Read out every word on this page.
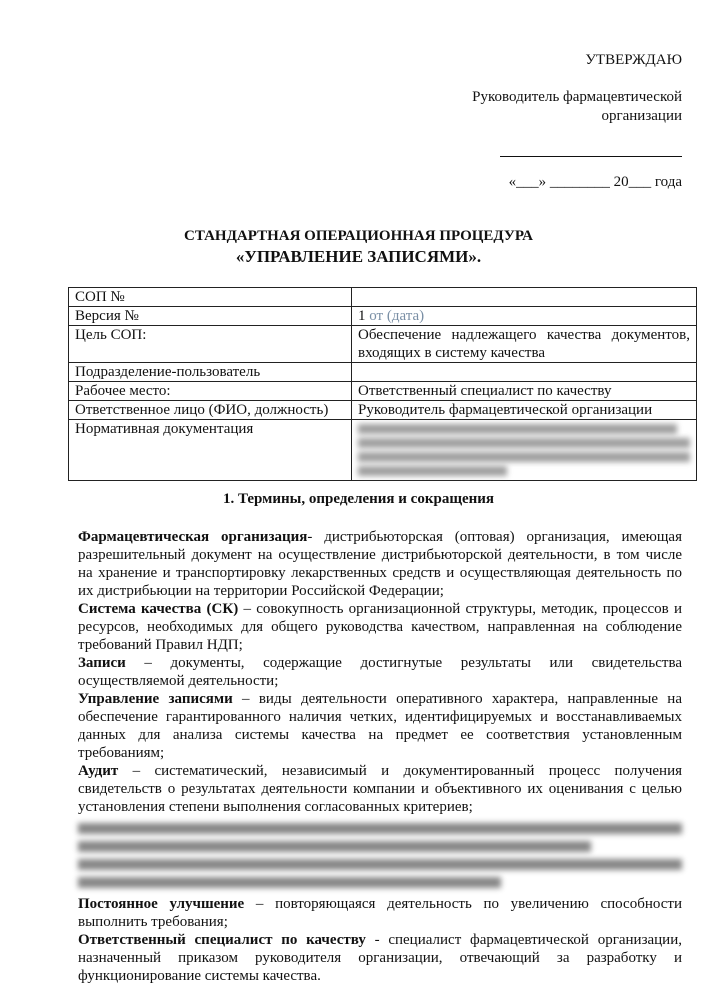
УТВЕРЖДАЮ
Руководитель фармацевтической
организации
«___» ________ 20___ года
СТАНДАРТНАЯ ОПЕРАЦИОННАЯ ПРОЦЕДУРА
«УПРАВЛЕНИЕ ЗАПИСЯМИ».
СОП №	
Версия №	1 от (дата)
Цель СОП:	Обеспечение надлежащего качества документов, входящих в систему качества
Подразделение-пользователь	
Рабочее место:	Ответственный специалист по качеству
Ответственное лицо (ФИО, должность)	Руководитель фармацевтической организации
Нормативная документация	
1. Термины, определения и сокращения

Фармацевтическая организация- дистрибьюторская (оптовая) организация, имеющая разрешительный документ на осуществление дистрибьюторской деятельности, в том числе на хранение и транспортировку лекарственных средств и осуществляющая деятельность по их дистрибьюции на территории Российской Федерации;

Система качества (СК) – совокупность организационной структуры, методик, процессов и ресурсов, необходимых для общего руководства качеством, направленная на соблюдение требований Правил НДП;

Записи – документы, содержащие достигнутые результаты или свидетельства осуществляемой деятельности;

Управление записями – виды деятельности оперативного характера, направленные на обеспечение гарантированного наличия четких, идентифицируемых и восстанавливаемых данных для анализа системы качества на предмет ее соответствия установленным требованиям;

Аудит – систематический, независимый и документированный процесс получения свидетельств о результатах деятельности компании и объективного их оценивания с целью установления степени выполнения согласованных критериев;

Постоянное улучшение – повторяющаяся деятельность по увеличению способности выполнить требования;

Ответственный специалист по качеству - специалист фармацевтической организации, назначенный приказом руководителя организации, отвечающий за разработку и функционирование системы качества.
